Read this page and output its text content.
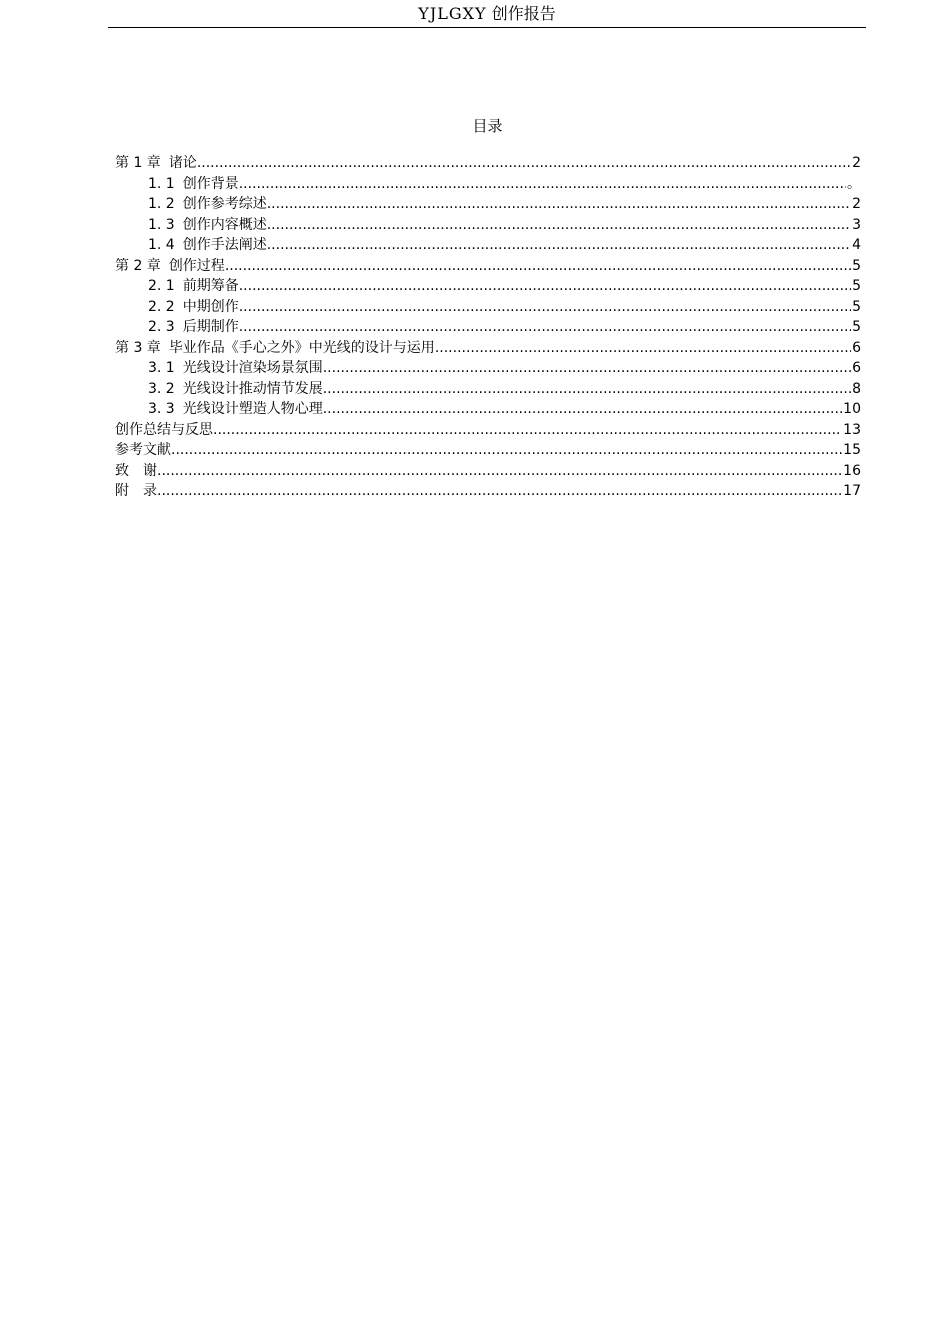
YJLGXY 创作报告
目录
第 1 章 诸论 .....	2
1. 1 创作背景 .....	。
1. 2 创作参考综述 .....	2
1. 3 创作内容概述 .....	3
1. 4 创作手法阐述 .....	4
第 2 章 创作过程 .....	5
2. 1 前期筹备 .....	5
2. 2 中期创作 .....	5
2. 3 后期制作 .....	5
第 3 章 毕业作品《手心之外》中光线的设计与运用 .....	6
3. 1 光线设计渲染场景氛围 .....	6
3. 2 光线设计推动情节发展 .....	8
3. 3 光线设计塑造人物心理 .....	10
创作总结与反思 .....	13
参考文献 .....	15
致　谢 .....	16
附　录 .....	17
